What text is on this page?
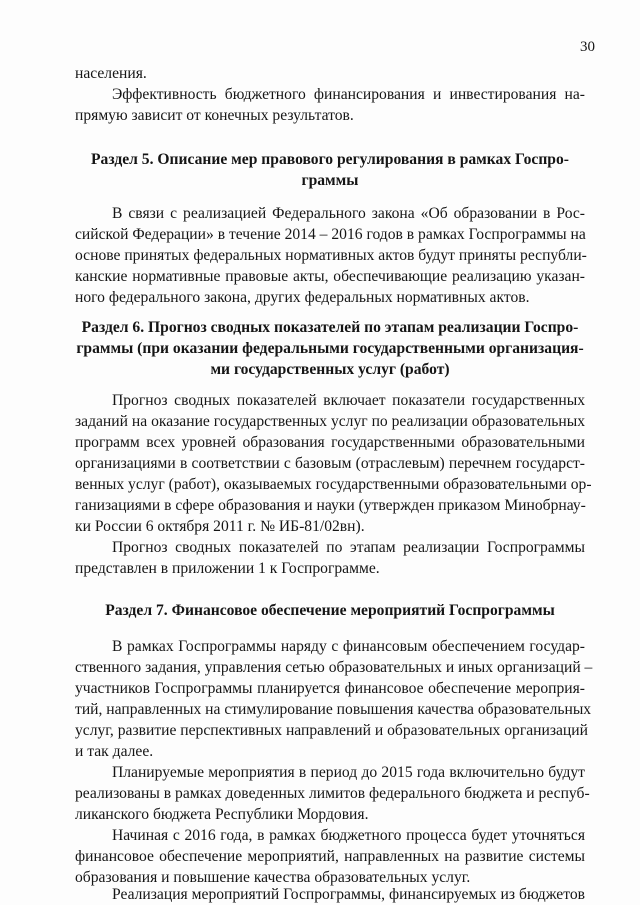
30
населения.
Эффективность бюджетного финансирования и инвестирования на-
прямую зависит от конечных результатов.
Раздел 5. Описание мер правового регулирования в рамках Госпро-
граммы
В связи с реализацией Федерального закона «Об образовании в Рос-
сийской Федерации» в течение 2014 – 2016 годов в рамках Госпрограммы на
основе принятых федеральных нормативных актов будут приняты республи-
канские нормативные правовые акты, обеспечивающие реализацию указан-
ного федерального закона, других федеральных нормативных актов.
Раздел 6. Прогноз сводных показателей по этапам реализации Госпро-
граммы (при оказании федеральными государственными организация-
ми государственных услуг (работ)
Прогноз сводных показателей включает показатели государственных
заданий на оказание государственных услуг по реализации образовательных
программ всех уровней образования государственными образовательными
организациями в соответствии с базовым (отраслевым) перечнем государст-
венных услуг (работ), оказываемых государственными образовательными ор-
ганизациями в сфере образования и науки (утвержден приказом Минобрнау-
ки России 6 октября 2011 г. № ИБ-81/02вн).
Прогноз сводных показателей по этапам реализации Госпрограммы
представлен в приложении 1 к Госпрограмме.
Раздел 7. Финансовое обеспечение мероприятий Госпрограммы
В рамках Госпрограммы наряду с финансовым обеспечением государ-
ственного задания, управления сетью образовательных и иных организаций –
участников Госпрограммы планируется финансовое обеспечение мероприя-
тий, направленных на стимулирование повышения качества образовательных
услуг, развитие перспективных направлений и образовательных организаций
и так далее.
Планируемые мероприятия в период до 2015 года включительно будут
реализованы в рамках доведенных лимитов федерального бюджета и респуб-
ликанского бюджета Республики Мордовия.
Начиная с 2016 года, в рамках бюджетного процесса будет уточняться
финансовое обеспечение мероприятий, направленных на развитие системы
образования и повышение качества образовательных услуг.
Реализация мероприятий Госпрограммы, финансируемых из бюджетов
